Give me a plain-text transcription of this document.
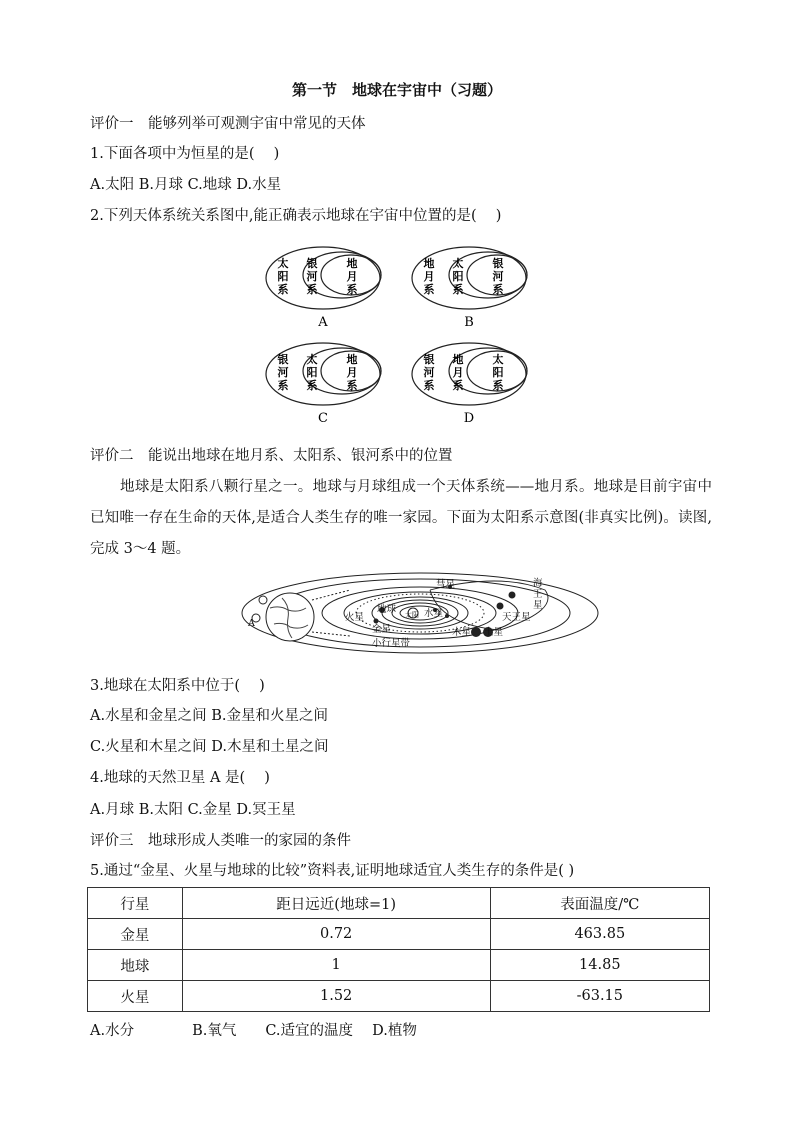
第一节　地球在宇宙中（习题）
评价一　能够列举可观测宇宙中常见的天体
1.下面各项中为恒星的是(　 )
A.太阳 B.月球 C.地球 D.水星
2.下列天体系统关系图中,能正确表示地球在宇宙中位置的是(　 )
太
阳
系
银
河
系
地
月
系
A
地
月
系
太
阳
系
银
河
系
B
银
河
系
太
阳
系
地
月
系
C
银
河
系
地
月
系
太
阳
系
D
评价二　能说出地球在地月系、太阳系、银河系中的位置
地球是太阳系八颗行星之一。地球与月球组成一个天体系统——地月系。地球是目前宇宙中已知唯一存在生命的天体,是适合人类生存的唯一家园。下面为太阳系示意图(非真实比例)。读图,完成 3～4 题。
彗星	海
王
星
天王星
土星
木星
火星
地球
金星
水星
太阳
小行星带
A
3.地球在太阳系中位于(　 )
A.水星和金星之间 B.金星和火星之间
C.火星和木星之间 D.木星和土星之间
4.地球的天然卫星 A 是(　 )
A.月球 B.太阳 C.金星 D.冥王星
评价三　地球形成人类唯一的家园的条件
5.通过“金星、火星与地球的比较”资料表,证明地球适宜人类生存的条件是( )
行星	距日远近(地球=1)	表面温度/℃
金星	0.72	463.85
地球	1	14.85
火星	1.52	-63.15
A.水分　　　　B.氧气　　C.适宜的温度　 D.植物
